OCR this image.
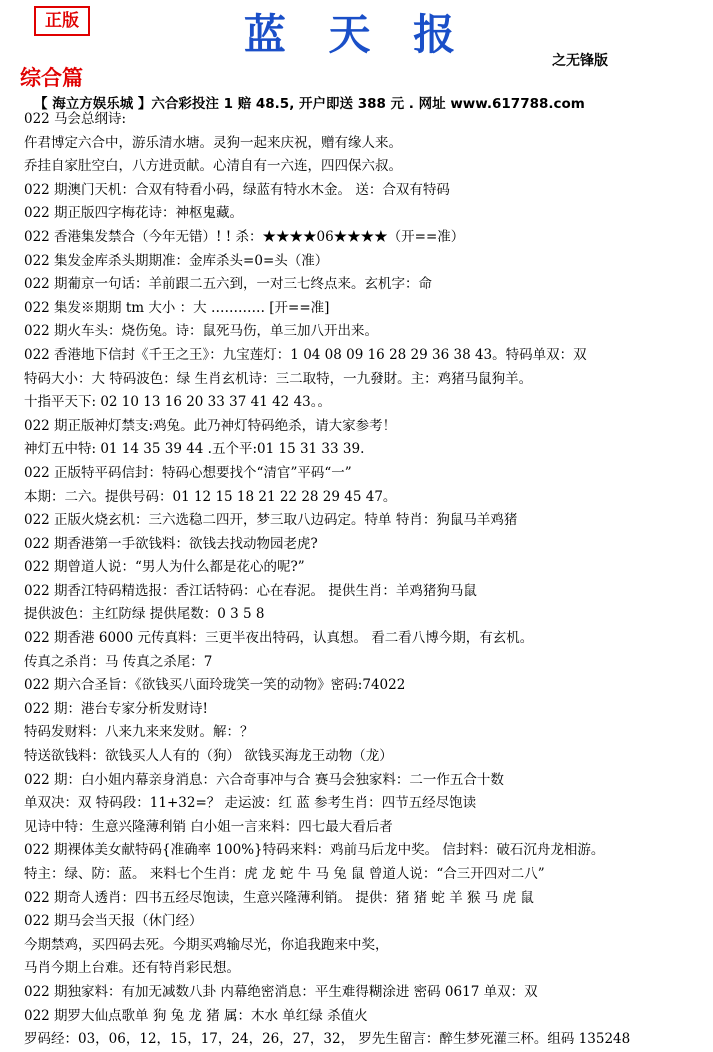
正版	蓝 天 报
之无锋版
综合篇
【 海立方娱乐城 】六合彩投注 1 赔 48.5, 开户即送 388 元 . 网址 www.617788.com
022 马会总纲诗:
仵君博定六合中，游乐清水塘。灵狗一起来庆祝，赠有缘人来。
乔挂自家肚空白，八方进贡献。心清自有一六连，四四保六叔。
022 期澳门天机：合双有特看小码，绿蓝有特水木金。 送：合双有特码
022 期正版四字梅花诗：神枢鬼藏。
022 香港集发禁合（今年无错）! ! 杀：★★★★06★★★★（开==准）
022 集发金库杀头期期准：金库杀头=0=头（准）
022 期葡京一句话：羊前跟二五六到，一对三七终点来。玄机字：命
022 集发※期期 tm 大小 ：大 ………… [开==准]
022 期火车头：烧伤兔。诗：鼠死马伤，单三加八开出来。
022 香港地下信封《千王之王》：九宝莲灯：1 04 08 09 16 28 29 36 38 43。特码单双：双
特码大小：大 特码波色：绿 生肖玄机诗：三二取特，一九發財。主：鸡猪马鼠狗羊。
十指平天下: 02 10 13 16 20 33 37 41 42 43。。
022 期正版神灯禁支:鸡兔。此乃神灯特码绝杀，请大家参考！
神灯五中特: 01 14 35 39 44 .五个平:01 15 31 33 39.
022 正版特平码信封：特码心想要找个“清官”平码“一”
本期：二六。提供号码：01 12 15 18 21 22 28 29 45 47。
022 正版火烧玄机：三六选稳二四开，梦三取八边码定。特单 特肖：狗鼠马羊鸡猪
022 期香港第一手欲钱料：欲钱去找动物园老虎?
022 期曾道人说：“男人为什么都是花心的呢?”
022 期香江特码精选报：香江话特码：心在春泥。 提供生肖：羊鸡猪狗马鼠
提供波色：主红防绿 提供尾数：0 3 5 8
022 期香港 6000 元传真料：三更半夜出特码，认真想。 看二看八博今期，有玄机。
传真之杀肖：马 传真之杀尾：7
022 期六合圣旨：《欲钱买八面玲珑笑一笑的动物》密码:74022
022 期：港台专家分析发财诗!
特码发财料：八来九来来发财。解：？
特送欲钱料：欲钱买人人有的（狗） 欲钱买海龙王动物（龙）
022 期：白小姐内幕亲身消息：六合奇事冲与合 赛马会独家料：二一作五合十数
单双决：双 特码段：11+32=？ 走运波：红 蓝 参考生肖：四节五经尽饱读
见诗中特：生意兴隆薄利销 白小姐一言来料：四七最大看后者
022 期裸体美女献特码{准确率 100%}特码来料：鸡前马后龙中奖。 信封料：破石沉舟龙相游。
特主：绿、防：蓝。 来料七个生肖：虎 龙 蛇 牛 马 兔 鼠 曾道人说：“合三开四对二八”
022 期奇人透肖：四书五经尽饱读，生意兴隆薄利销。 提供：猪 猪 蛇 羊 猴 马 虎 鼠
022 期马会当天报（休门经）
今期禁鸡，买四码去死。今期买鸡输尽光，你追我跑来中奖，
马肖今期上台难。还有特肖彩民想。
022 期独家料：有加无减数八卦 内幕绝密消息：平生难得糊涂进 密码 0617 单双：双
022 期罗大仙点歌单 狗 兔 龙 猪 属：木水 单红绿 杀值火
罗码经：03，06，12，15，17，24，26，27，32， 罗先生留言：醉生梦死灌三杯。组码 135248
